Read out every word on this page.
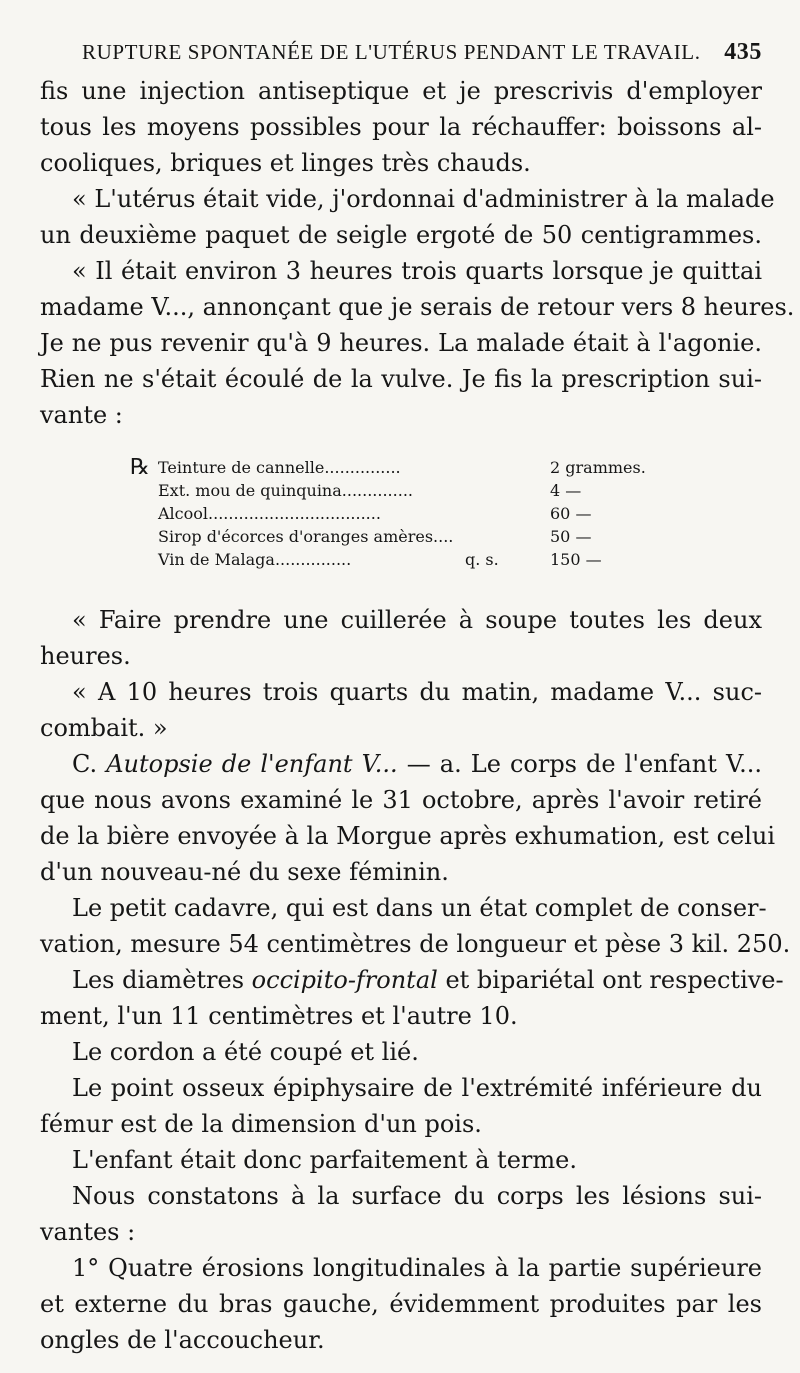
RUPTURE SPONTANÉE DE L'UTÉRUS PENDANT LE TRAVAIL. 435
fis une injection antiseptique et je prescrivis d'employer
tous les moyens possibles pour la réchauffer: boissons al-
cooliques, briques et linges très chauds.
« L'utérus était vide, j'ordonnai d'administrer à la malade
un deuxième paquet de seigle ergoté de 50 centigrammes.
« Il était environ 3 heures trois quarts lorsque je quittai
madame V..., annonçant que je serais de retour vers 8 heures.
Je ne pus revenir qu'à 9 heures. La malade était à l'agonie.
Rien ne s'était écoulé de la vulve. Je fis la prescription sui-
vante :
℞ Teinture de cannelle...............	2 grammes.
Ext. mou de quinquina..............	4 —
Alcool..................................	60 —
Sirop d'écorces d'oranges amères....	50 —
Vin de Malaga...............	q. s.	150 —
« Faire prendre une cuillerée à soupe toutes les deux
heures.
« A 10 heures trois quarts du matin, madame V... suc-
combait. »
C. Autopsie de l'enfant V... — a. Le corps de l'enfant V...
que nous avons examiné le 31 octobre, après l'avoir retiré
de la bière envoyée à la Morgue après exhumation, est celui
d'un nouveau-né du sexe féminin.
Le petit cadavre, qui est dans un état complet de conser-
vation, mesure 54 centimètres de longueur et pèse 3 kil. 250.
Les diamètres occipito-frontal et bipariétal ont respective-
ment, l'un 11 centimètres et l'autre 10.
Le cordon a été coupé et lié.
Le point osseux épiphysaire de l'extrémité inférieure du
fémur est de la dimension d'un pois.
L'enfant était donc parfaitement à terme.
Nous constatons à la surface du corps les lésions sui-
vantes :
1° Quatre érosions longitudinales à la partie supérieure
et externe du bras gauche, évidemment produites par les
ongles de l'accoucheur.
